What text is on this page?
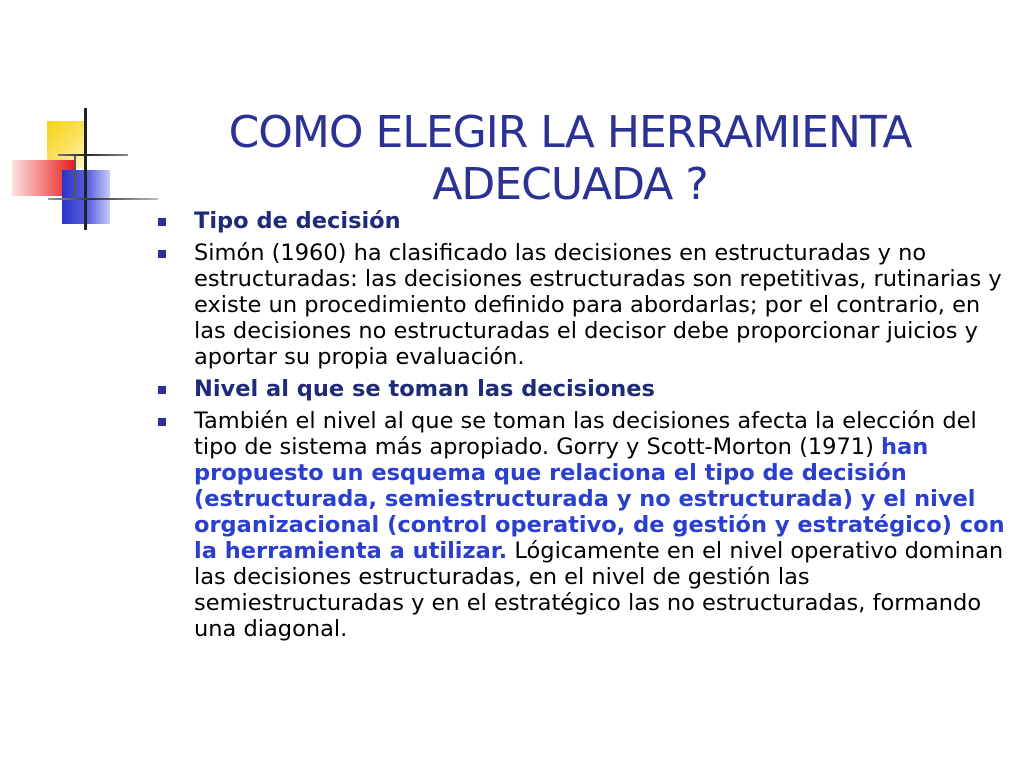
COMO ELEGIR LA HERRAMIENTA
ADECUADA ?
Tipo de decisión
Simón (1960) ha clasificado las decisiones en estructuradas y no estructuradas: las decisiones estructuradas son repetitivas, rutinarias y existe un procedimiento definido para abordarlas; por el contrario, en las decisiones no estructuradas el decisor debe proporcionar juicios y aportar su propia evaluación.
Nivel al que se toman las decisiones
También el nivel al que se toman las decisiones afecta la elección del tipo de sistema más apropiado. Gorry y Scott-Morton (1971) han propuesto un esquema que relaciona el tipo de decisión (estructurada, semiestructurada y no estructurada) y el nivel organizacional (control operativo, de gestión y estratégico) con la herramienta a utilizar. Lógicamente en el nivel operativo dominan las decisiones estructuradas, en el nivel de gestión las semiestructuradas y en el estratégico las no estructuradas, formando una diagonal.
